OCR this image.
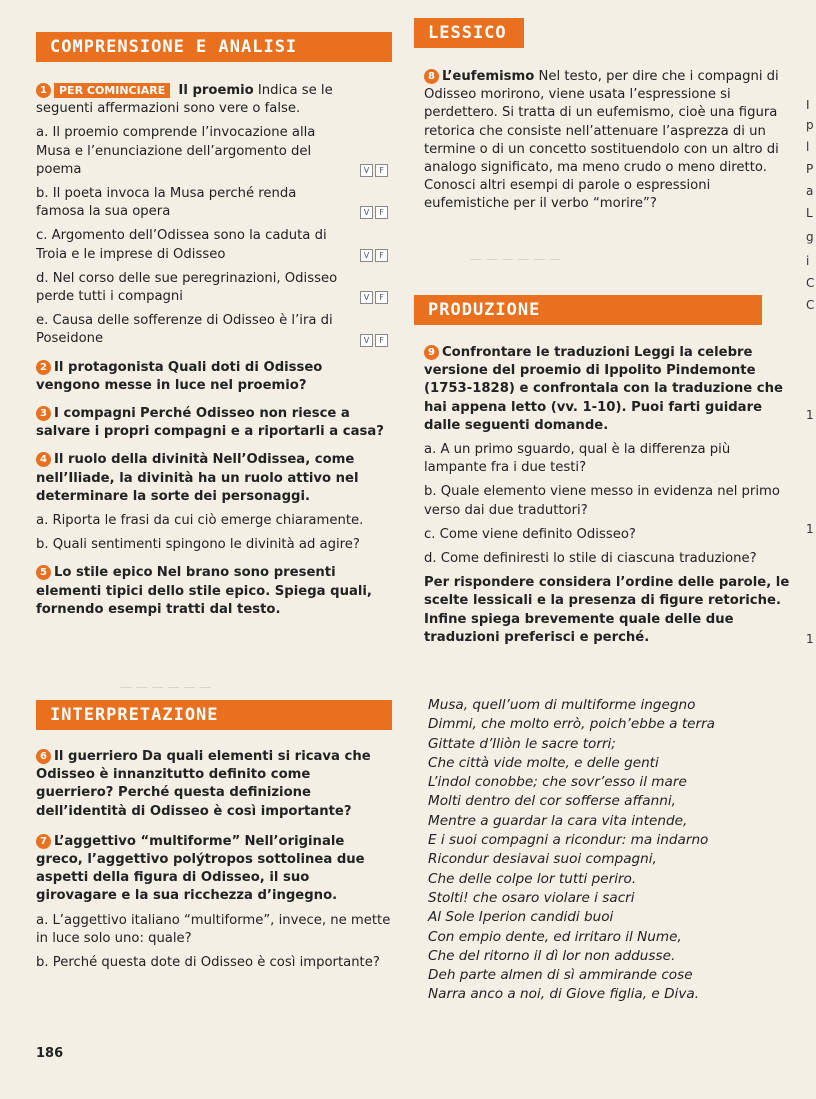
COMPRENSIONE E ANALISI
LESSICO
PRODUZIONE
INTERPRETAZIONE
— — — — — —
— — — — — —

1 PER COMINCIARE Il proemio Indica se le seguenti affermazioni sono vere o false.

a. Il proemio comprende l’invocazione alla Musa e l’enunciazione dell’argomento del poema	V	F

b. Il poeta invoca la Musa perché renda famosa la sua opera	V	F

c. Argomento dell’Odissea sono la caduta di Troia e le imprese di Odisseo	V	F

d. Nel corso delle sue peregrinazioni, Odisseo perde tutti i compagni	V	F

e. Causa delle sofferenze di Odisseo è l’ira di Poseidone	V	F

2 Il protagonista Quali doti di Odisseo vengono messe in luce nel proemio?

3 I compagni Perché Odisseo non riesce a salvare i propri compagni e a riportarli a casa?

4 Il ruolo della divinità Nell’Odissea, come nell’Iliade, la divinità ha un ruolo attivo nel determinare la sorte dei personaggi.

a. Riporta le frasi da cui ciò emerge chiaramente.

b. Quali sentimenti spingono le divinità ad agire?

5 Lo stile epico Nel brano sono presenti elementi tipici dello stile epico. Spiega quali, fornendo esempi tratti dal testo.

6 Il guerriero Da quali elementi si ricava che Odisseo è innanzitutto definito come guerriero? Perché questa definizione dell’identità di Odisseo è così importante?

7 L’aggettivo “multiforme” Nell’originale greco, l’aggettivo polýtropos sottolinea due aspetti della figura di Odisseo, il suo girovagare e la sua ricchezza d’ingegno.

a. L’aggettivo italiano “multiforme”, invece, ne mette in luce solo uno: quale?

b. Perché questa dote di Odisseo è così importante?

8 L’eufemismo Nel testo, per dire che i compagni di Odisseo morirono, viene usata l’espressione si perdettero. Si tratta di un eufemismo, cioè una figura retorica che consiste nell’attenuare l’asprezza di un termine o di un concetto sostituendolo con un altro di analogo significato, ma meno crudo o meno diretto. Conosci altri esempi di parole o espressioni eufemistiche per il verbo “morire”?

9 Confrontare le traduzioni Leggi la celebre versione del proemio di Ippolito Pindemonte (1753-1828) e confrontala con la traduzione che hai appena letto (vv. 1-10). Puoi farti guidare dalle seguenti domande.

a. A un primo sguardo, qual è la differenza più lampante fra i due testi?

b. Quale elemento viene messo in evidenza nel primo verso dai due traduttori?

c. Come viene definito Odisseo?

d. Come definiresti lo stile di ciascuna traduzione?

Per rispondere considera l’ordine delle parole, le scelte lessicali e la presenza di figure retoriche. Infine spiega brevemente quale delle due traduzioni preferisci e perché.

Musa, quell’uom di multiforme ingegno
Dimmi, che molto errò, poich’ebbe a terra
Gittate d’Iliòn le sacre torri;
Che città vide molte, e delle genti
L’indol conobbe; che sovr’esso il mare
Molti dentro del cor sofferse affanni,
Mentre a guardar la cara vita intende,
E i suoi compagni a ricondur: ma indarno
Ricondur desiavai suoi compagni,
Che delle colpe lor tutti periro.
Stolti! che osaro violare i sacri
Al Sole Iperion candidi buoi
Con empio dente, ed irritaro il Nume,
Che del ritorno il dì lor non addusse.
Deh parte almen di sì ammirande cose
Narra anco a noi, di Giove figlia, e Diva.
186
I
p
l
P
a
L
g
i
C
C
1
1
1
